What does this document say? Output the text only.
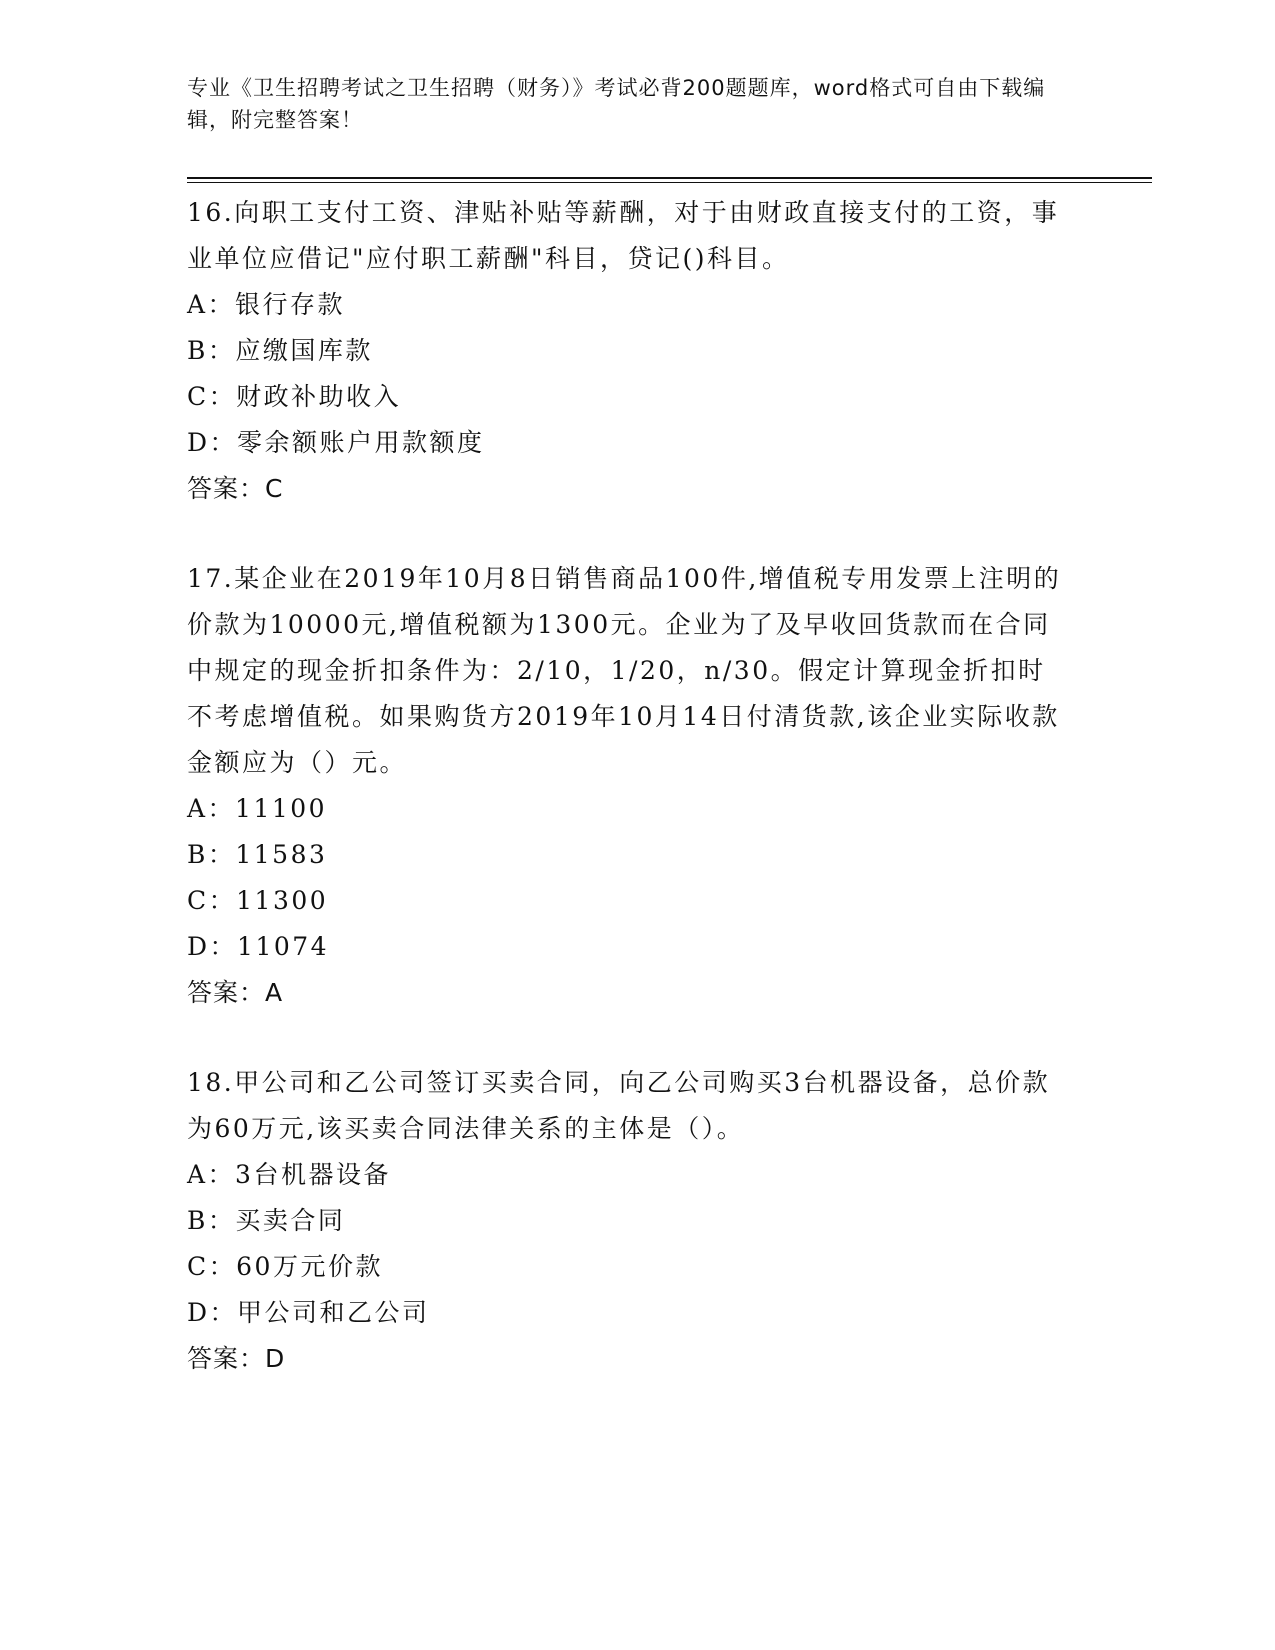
专业《卫生招聘考试之卫生招聘（财务）》考试必背200题题库，word格式可自由下载编辑，附完整答案！
16.向职工支付工资、津贴补贴等薪酬，对于由财政直接支付的工资，事业单位应借记"应付职工薪酬"科目，贷记()科目。
A：银行存款
B：应缴国库款
C：财政补助收入
D：零余额账户用款额度
答案：C
17.某企业在2019年10月8日销售商品100件,增值税专用发票上注明的价款为10000元,增值税额为1300元。企业为了及早收回货款而在合同中规定的现金折扣条件为：2/10，1/20，n/30。假定计算现金折扣时不考虑增值税。如果购货方2019年10月14日付清货款,该企业实际收款金额应为（）元。
A：11100
B：11583
C：11300
D：11074
答案：A
18.甲公司和乙公司签订买卖合同，向乙公司购买3台机器设备，总价款为60万元,该买卖合同法律关系的主体是（）。
A：3台机器设备
B：买卖合同
C：60万元价款
D：甲公司和乙公司
答案：D
